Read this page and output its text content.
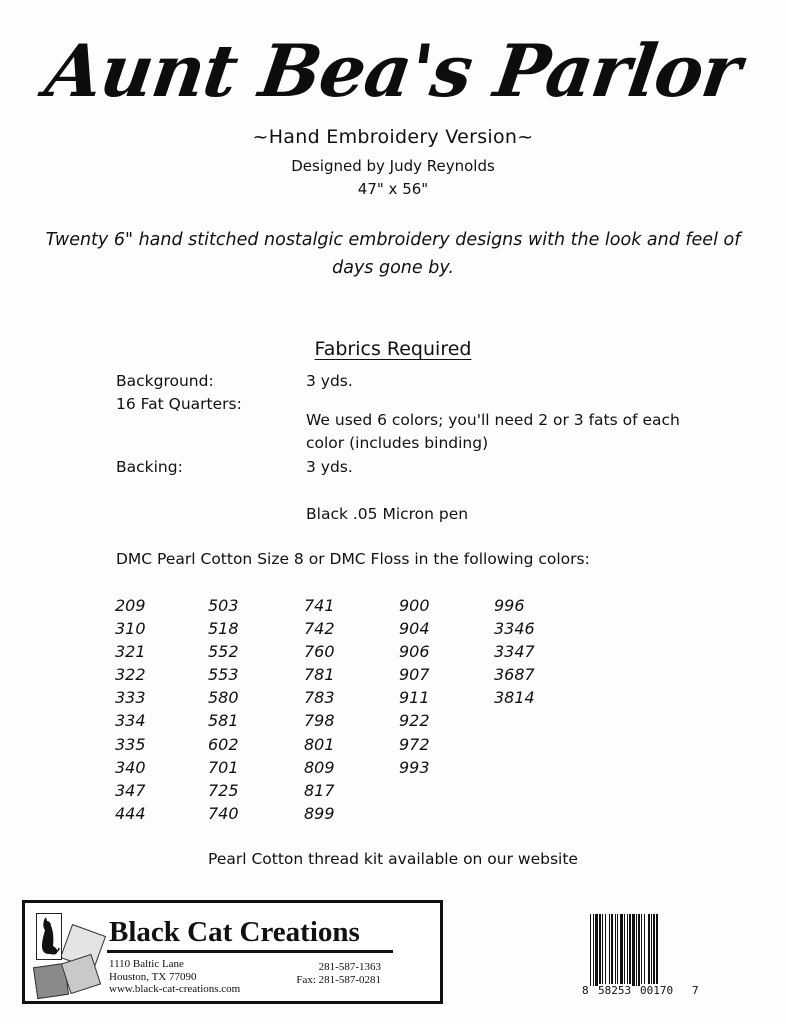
Aunt Bea's Parlor
~Hand Embroidery Version~
Designed by Judy Reynolds
47" x 56"
Twenty 6" hand stitched nostalgic embroidery designs with the look and feel of days gone by.
Fabrics Required
Background:	3 yds.
16 Fat Quarters:
We used 6 colors; you'll need 2 or 3 fats of each color (includes binding)
Backing:	3 yds.
Black .05 Micron pen
DMC Pearl Cotton Size 8 or DMC Floss in the following colors:
209
310
321
322
333
334
335
340
347
444
503
518
552
553
580
581
602
701
725
740
741
742
760
781
783
798
801
809
817
899
900
904
906
907
911
922
972
993
996
3346
3347
3687
3814
Pearl Cotton thread kit available on our website
Black Cat Creations
1110 Baltic Lane
Houston, TX 77090
www.black-cat-creations.com
281-587-1363
Fax: 281-587-0281
8 58253 00170 7
